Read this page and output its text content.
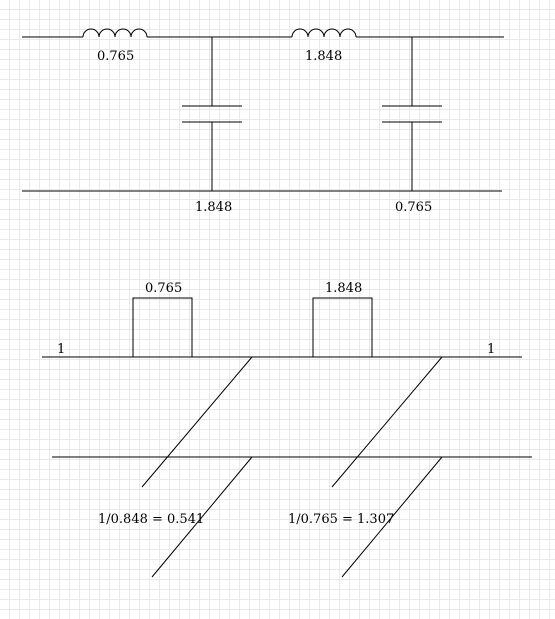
0.765	1.848
1.848	0.765
1	1
0.765	1.848
1/0.848 = 0.541	1/0.765 = 1.307
